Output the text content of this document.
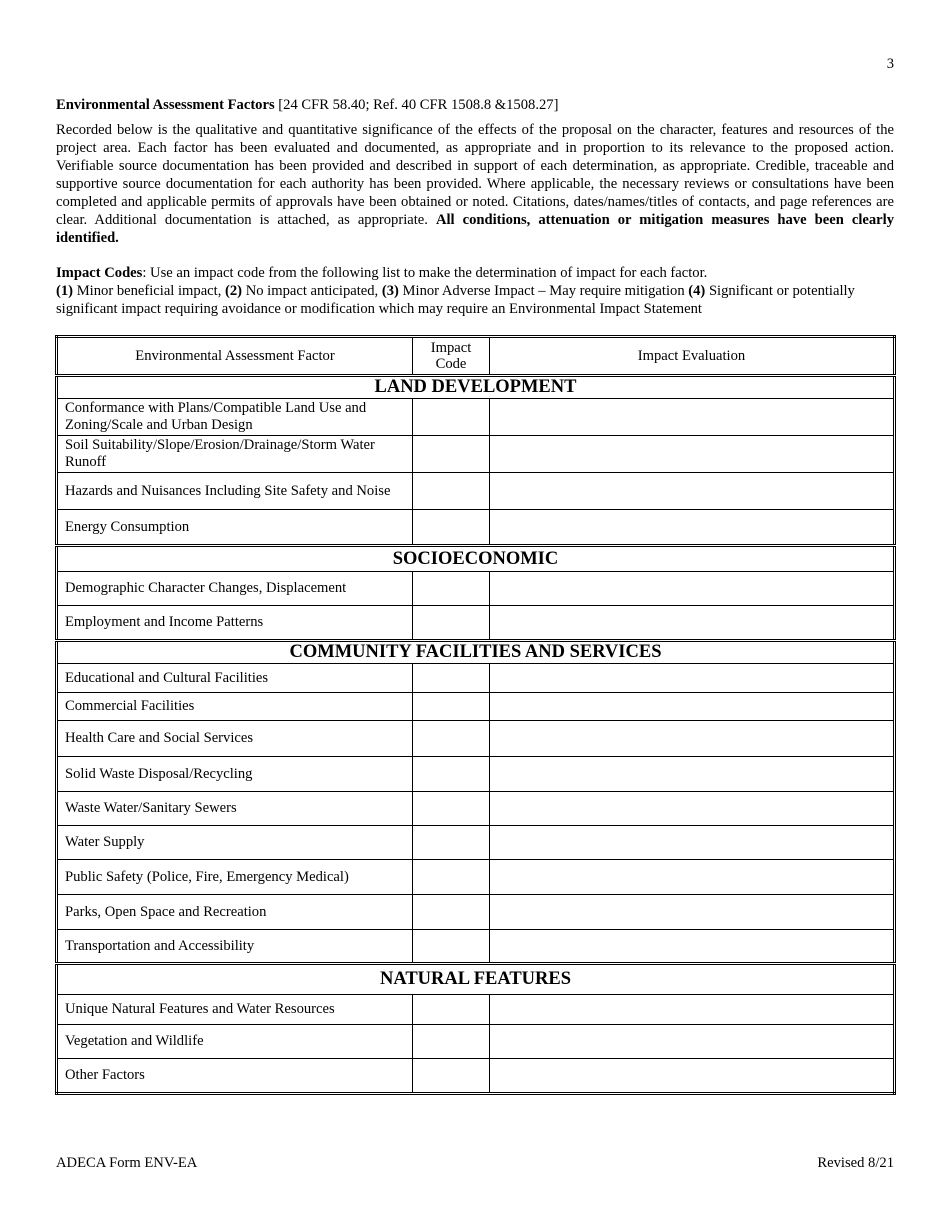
3

Environmental Assessment Factors [24 CFR 58.40; Ref. 40 CFR 1508.8 &1508.27]

Recorded below is the qualitative and quantitative significance of the effects of the proposal on the character, features and resources of the project area. Each factor has been evaluated and documented, as appropriate and in proportion to its relevance to the proposed action. Verifiable source documentation has been provided and described in support of each determination, as appropriate. Credible, traceable and supportive source documentation for each authority has been provided. Where applicable, the necessary reviews or consultations have been completed and applicable permits of approvals have been obtained or noted. Citations, dates/names/titles of contacts, and page references are clear. Additional documentation is attached, as appropriate. All conditions, attenuation or mitigation measures have been clearly identified.

Impact Codes: Use an impact code from the following list to make the determination of impact for each factor.

(1) Minor beneficial impact, (2) No impact anticipated, (3) Minor Adverse Impact – May require mitigation (4) Significant or potentially significant impact requiring avoidance or modification which may require an Environmental Impact Statement

Environmental Assessment Factor	Impact Code	Impact Evaluation
LAND DEVELOPMENT		
Conformance with Plans/Compatible Land Use and Zoning/Scale and Urban Design		
Soil Suitability/Slope/Erosion/Drainage/Storm Water Runoff		
Hazards and Nuisances Including Site Safety and Noise		
Energy Consumption		
SOCIOECONOMIC		
Demographic Character Changes, Displacement		
Employment and Income Patterns		
COMMUNITY FACILITIES AND SERVICES		
Educational and Cultural Facilities		
Commercial Facilities		
Health Care and Social Services		
Solid Waste Disposal/Recycling		
Waste Water/Sanitary Sewers		
Water Supply		
Public Safety (Police, Fire, Emergency Medical)		
Parks, Open Space and Recreation		
Transportation and Accessibility		
NATURAL FEATURES		
Unique Natural Features and Water Resources		
Vegetation and Wildlife		
Other Factors		
ADECA Form ENV-EA	Revised 8/21
